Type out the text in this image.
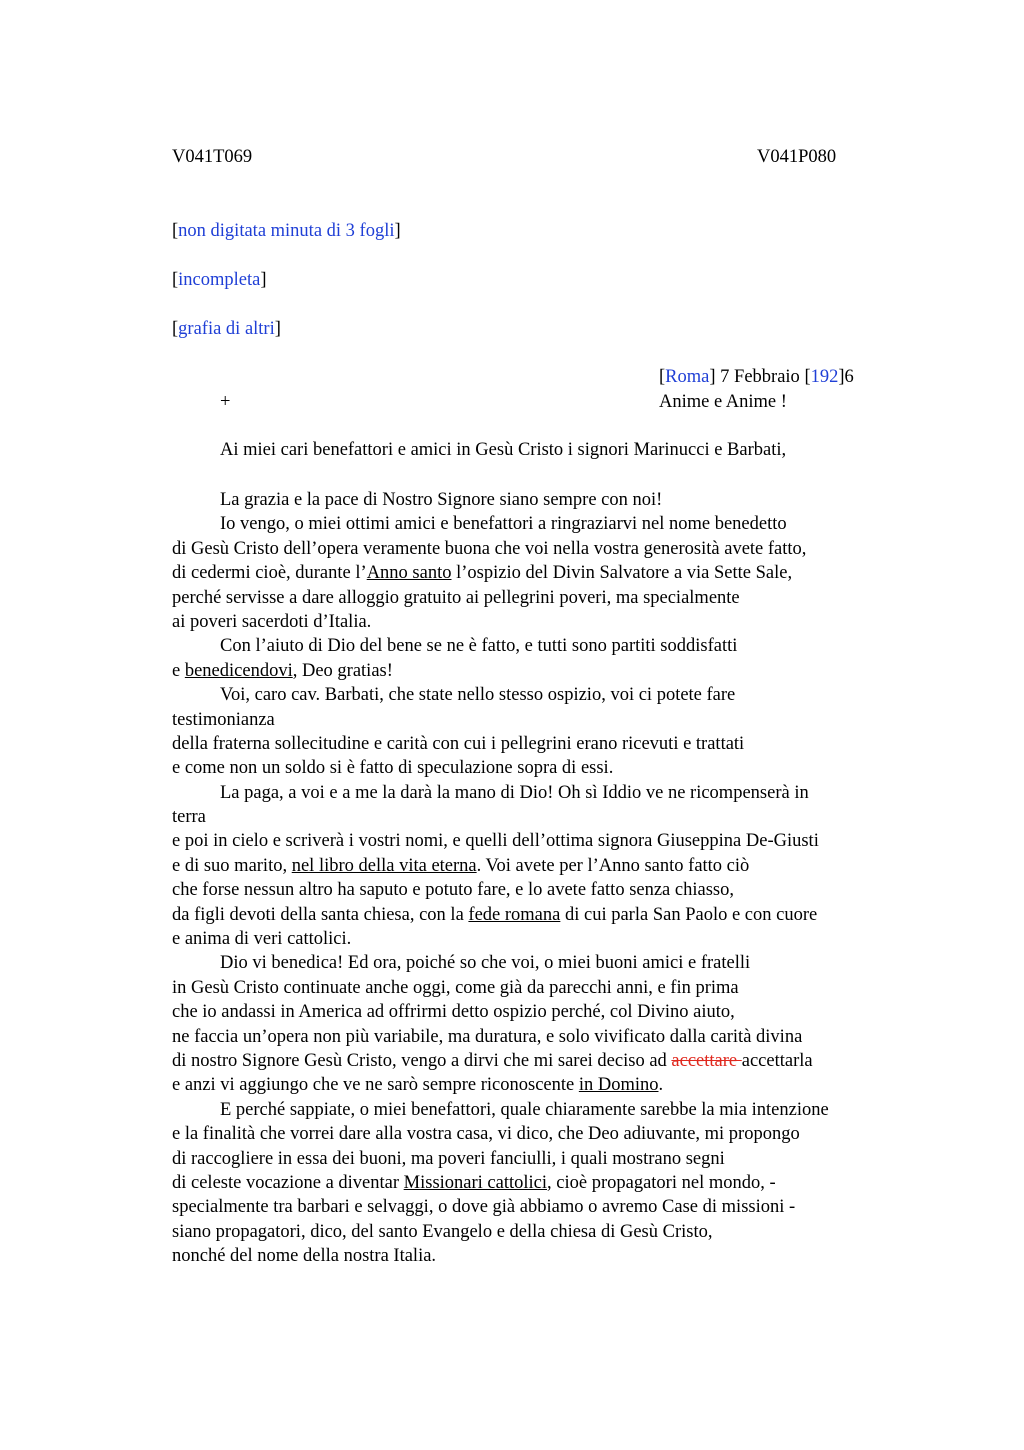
V041T069	V041P080
[non digitata minuta di 3 fogli]
[incompleta]
[grafia di altri]
[Roma] 7 Febbraio [192]6
+	Anime e Anime !
Ai miei cari benefattori e amici in Gesù Cristo i signori Marinucci e Barbati,
La grazia e la pace di Nostro Signore siano sempre con noi!
Io vengo, o miei ottimi amici e benefattori a ringraziarvi nel nome benedetto
di Gesù Cristo dell’opera veramente buona che voi nella vostra generosità avete fatto,
di cedermi cioè, durante l’Anno santo l’ospizio del Divin Salvatore a via Sette Sale,
perché servisse a dare alloggio gratuito ai pellegrini poveri, ma specialmente
ai poveri sacerdoti d’Italia.
Con l’aiuto di Dio del bene se ne è fatto, e tutti sono partiti soddisfatti
e benedicendovi, Deo gratias!
Voi, caro cav. Barbati, che state nello stesso ospizio, voi ci potete fare
testimonianza
della fraterna sollecitudine e carità con cui i pellegrini erano ricevuti e trattati
e come non un soldo si è fatto di speculazione sopra di essi.
La paga, a voi e a me la darà la mano di Dio! Oh sì Iddio ve ne ricompenserà in
terra
e poi in cielo e scriverà i vostri nomi, e quelli dell’ottima signora Giuseppina De-Giusti
e di suo marito, nel libro della vita eterna. Voi avete per l’Anno santo fatto ciò
che forse nessun altro ha saputo e potuto fare, e lo avete fatto senza chiasso,
da figli devoti della santa chiesa, con la fede romana di cui parla San Paolo e con cuore
e anima di veri cattolici.
Dio vi benedica! Ed ora, poiché so che voi, o miei buoni amici e fratelli
in Gesù Cristo continuate anche oggi, come già da parecchi anni, e fin prima
che io andassi in America ad offrirmi detto ospizio perché, col Divino aiuto,
ne faccia un’opera non più variabile, ma duratura, e solo vivificato dalla carità divina
di nostro Signore Gesù Cristo, vengo a dirvi che mi sarei deciso ad accettare accettarla
e anzi vi aggiungo che ve ne sarò sempre riconoscente in Domino.
E perché sappiate, o miei benefattori, quale chiaramente sarebbe la mia intenzione
e la finalità che vorrei dare alla vostra casa, vi dico, che Deo adiuvante, mi propongo
di raccogliere in essa dei buoni, ma poveri fanciulli, i quali mostrano segni
di celeste vocazione a diventar Missionari cattolici, cioè propagatori nel mondo, -
specialmente tra barbari e selvaggi, o dove già abbiamo o avremo Case di missioni -
siano propagatori, dico, del santo Evangelo e della chiesa di Gesù Cristo,
nonché del nome della nostra Italia.
